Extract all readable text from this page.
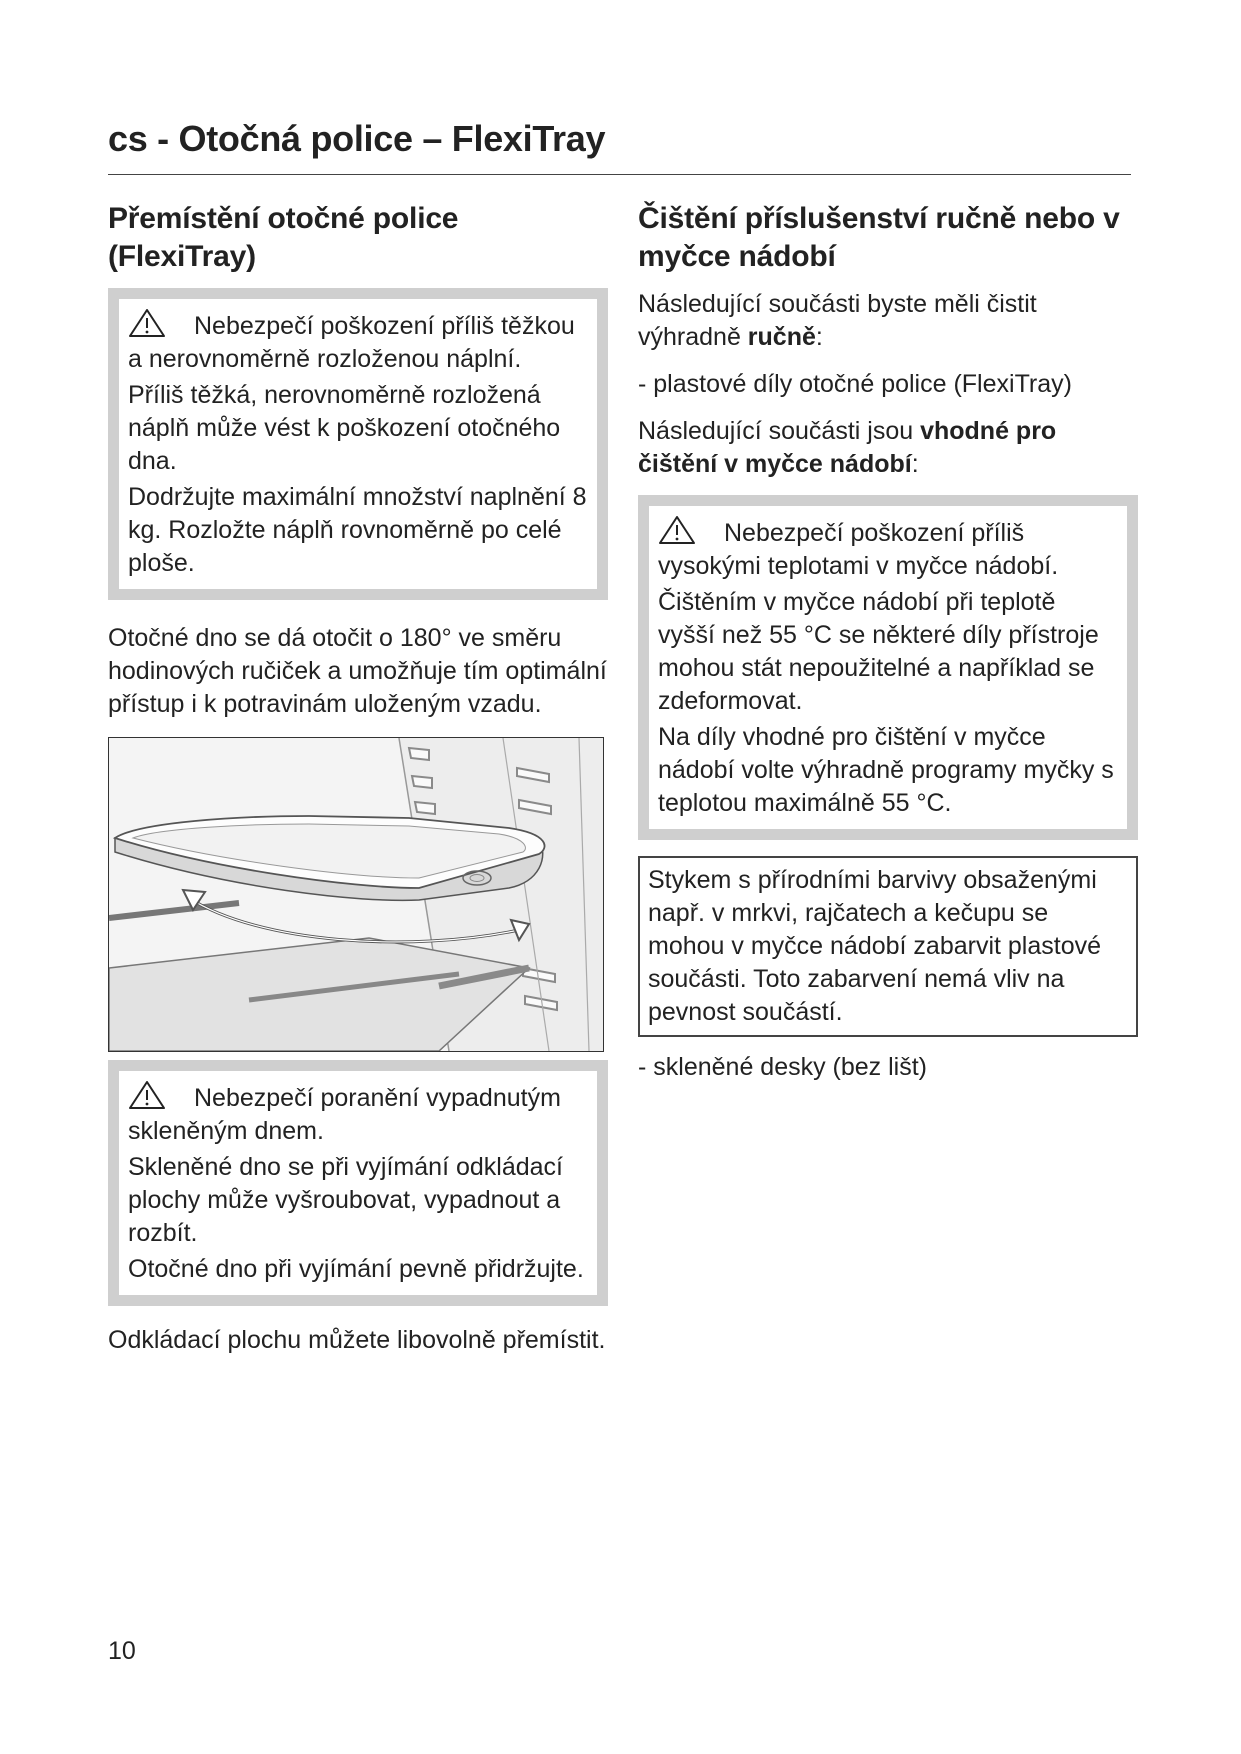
cs - Otočná police – FlexiTray
Přemístění otočné police (FlexiTray)

Nebezpečí poškození příliš těžkou a nerovnoměrně rozloženou náplní.

Příliš těžká, nerovnoměrně rozložená náplň může vést k poškození otočného dna.

Dodržujte maximální množství naplnění 8 kg. Rozložte náplň rovnoměrně po celé ploše.

Otočné dno se dá otočit o 180° ve směru hodinových ručiček a umožňuje tím optimální přístup i k potravinám uloženým vzadu.

Nebezpečí poranění vypadnutým skleněným dnem.

Skleněné dno se při vyjímání odkládací plochy může vyšroubovat, vypadnout a rozbít.

Otočné dno při vyjímání pevně přidržujte.

Odkládací plochu můžete libovolně přemístit.

Čištění příslušenství ručně nebo v myčce nádobí

Následující součásti byste měli čistit výhradně ručně:

- plastové díly otočné police (FlexiTray)

Následující součásti jsou vhodné pro čištění v myčce nádobí:

Nebezpečí poškození příliš vysokými teplotami v myčce nádobí.

Čištěním v myčce nádobí při teplotě vyšší než 55 °C se některé díly přístroje mohou stát nepoužitelné a například se zdeformovat.

Na díly vhodné pro čištění v myčce nádobí volte výhradně programy myčky s teplotou maximálně 55 °C.

Stykem s přírodními barvivy obsaženými např. v mrkvi, rajčatech a kečupu se mohou v myčce nádobí zabarvit plastové součásti. Toto zabarvení nemá vliv na pevnost součástí.

- skleněné desky (bez lišt)

10
